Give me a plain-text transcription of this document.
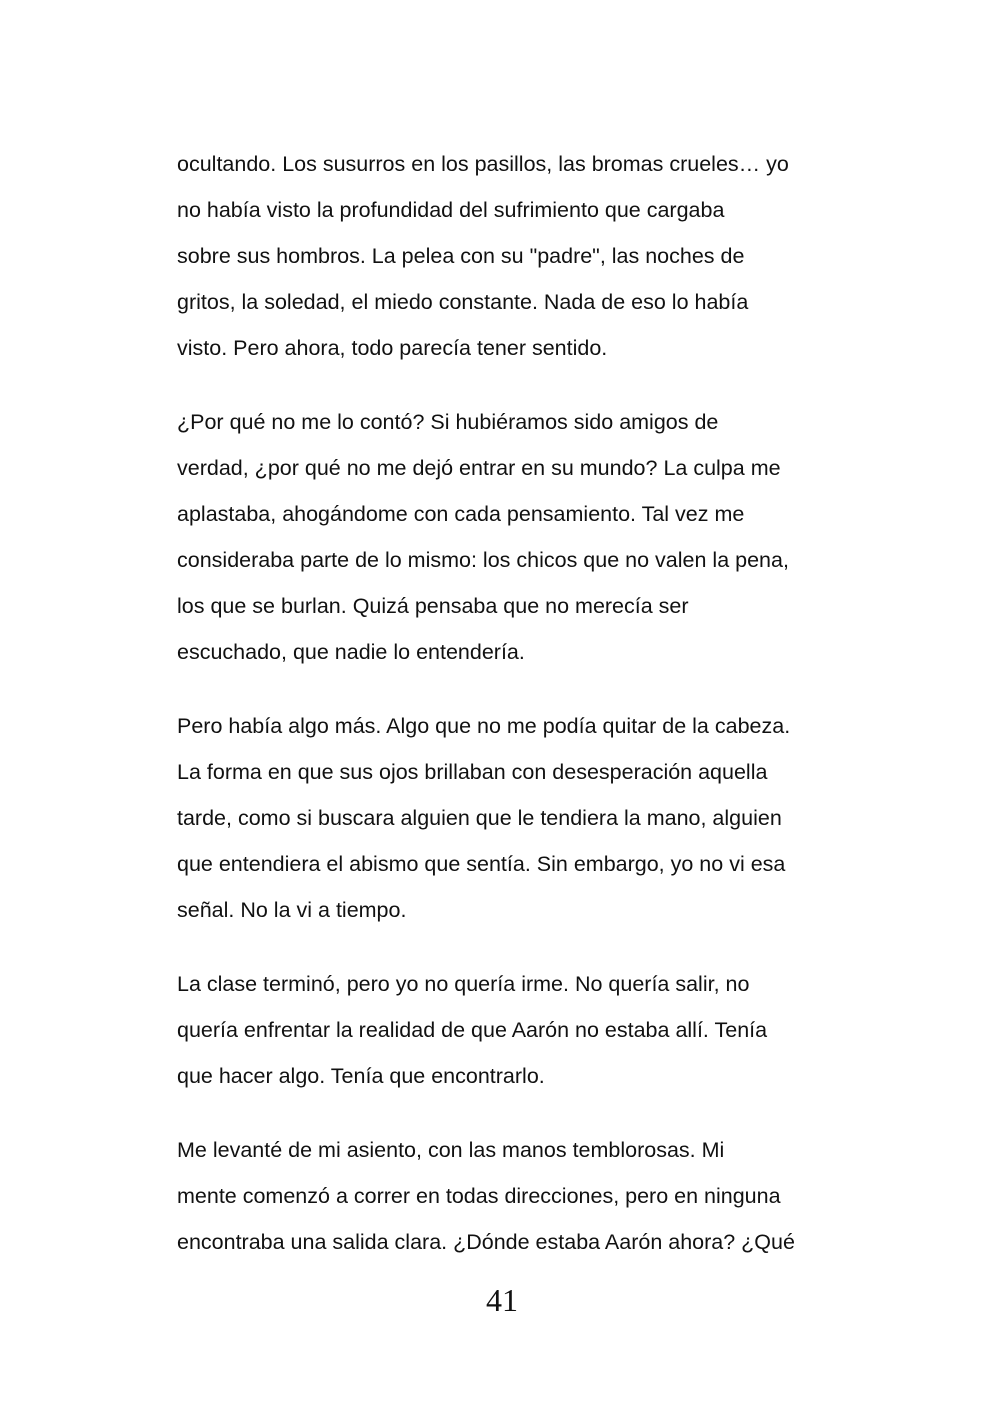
ocultando. Los susurros en los pasillos, las bromas crueles… yo
no había visto la profundidad del sufrimiento que cargaba
sobre sus hombros. La pelea con su "padre", las noches de
gritos, la soledad, el miedo constante. Nada de eso lo había
visto. Pero ahora, todo parecía tener sentido.

¿Por qué no me lo contó? Si hubiéramos sido amigos de
verdad, ¿por qué no me dejó entrar en su mundo? La culpa me
aplastaba, ahogándome con cada pensamiento. Tal vez me
consideraba parte de lo mismo: los chicos que no valen la pena,
los que se burlan. Quizá pensaba que no merecía ser
escuchado, que nadie lo entendería.

Pero había algo más. Algo que no me podía quitar de la cabeza.
La forma en que sus ojos brillaban con desesperación aquella
tarde, como si buscara alguien que le tendiera la mano, alguien
que entendiera el abismo que sentía. Sin embargo, yo no vi esa
señal. No la vi a tiempo.

La clase terminó, pero yo no quería irme. No quería salir, no
quería enfrentar la realidad de que Aarón no estaba allí. Tenía
que hacer algo. Tenía que encontrarlo.

Me levanté de mi asiento, con las manos temblorosas. Mi
mente comenzó a correr en todas direcciones, pero en ninguna
encontraba una salida clara. ¿Dónde estaba Aarón ahora? ¿Qué

41
